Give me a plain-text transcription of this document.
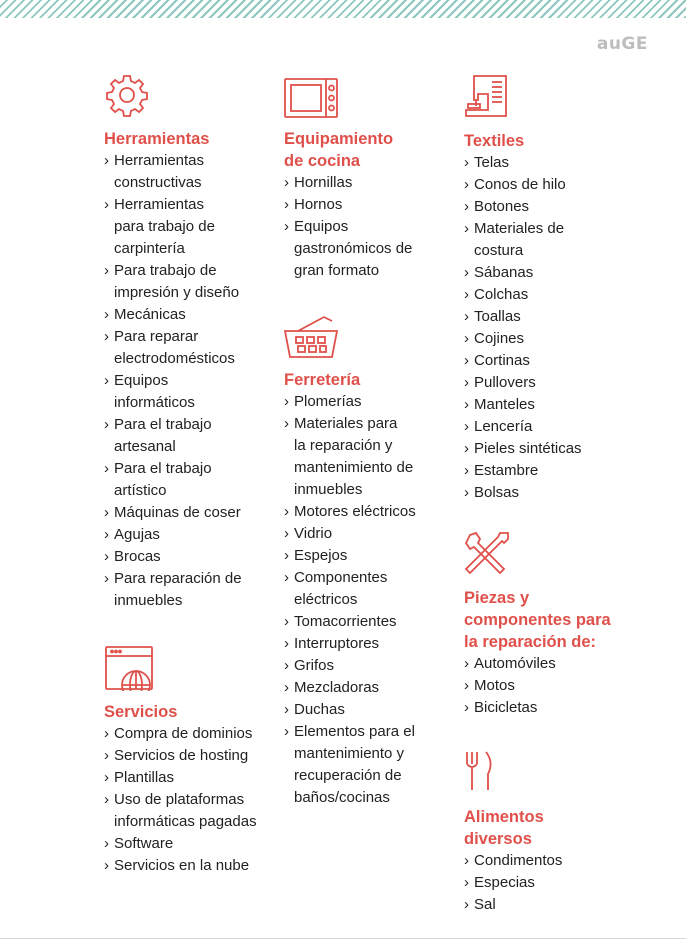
auGE
Herramientas
› Herramientas
constructivas
› Herramientas
para trabajo de
carpintería
› Para trabajo de
impresión y diseño
› Mecánicas
› Para reparar
electrodomésticos
› Equipos
informáticos
› Para el trabajo
artesanal
› Para el trabajo
artístico
› Máquinas de coser
› Agujas
› Brocas
› Para reparación de
inmuebles
Servicios
› Compra de dominios
› Servicios de hosting
› Plantillas
› Uso de plataformas
informáticas pagadas
› Software
› Servicios en la nube
Equipamiento
de cocina
› Hornillas
› Hornos
› Equipos
gastronómicos de
gran formato
Ferretería
› Plomerías
› Materiales para
la reparación y
mantenimiento de
inmuebles
› Motores eléctricos
› Vidrio
› Espejos
› Componentes
eléctricos
› Tomacorrientes
› Interruptores
› Grifos
› Mezcladoras
› Duchas
› Elementos para el
mantenimiento y
recuperación de
baños/cocinas
Textiles
› Telas
› Conos de hilo
› Botones
› Materiales de
costura
› Sábanas
› Colchas
› Toallas
› Cojines
› Cortinas
› Pullovers
› Manteles
› Lencería
› Pieles sintéticas
› Estambre
› Bolsas
Piezas y
componentes para
la reparación de:
› Automóviles
› Motos
› Bicicletas
Alimentos
diversos
› Condimentos
› Especias
› Sal
